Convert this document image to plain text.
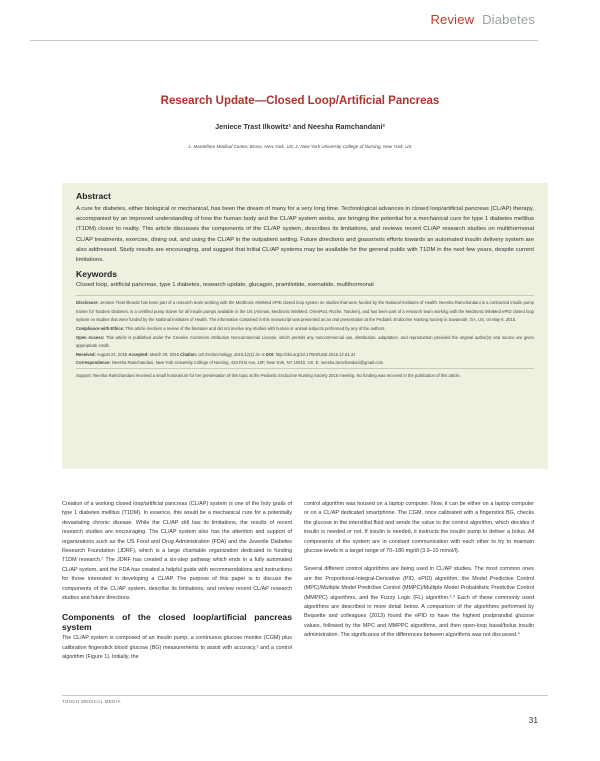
Review Diabetes
Research Update—Closed Loop/Artificial Pancreas
Jeniece Trast Ilkowitz¹ and Neesha Ramchandani²
1. Montefiore Medical Center, Bronx, New York, US; 2. New York University College of Nursing, New York, US
Abstract
A cure for diabetes, either biological or mechanical, has been the dream of many for a very long time. Technological advances in closed loop/artificial pancreas (CL/AP) therapy, accompanied by an improved understanding of how the human body and the CL/AP system works, are bringing the potential for a mechanical cure for type 1 diabetes mellitus (T1DM) closer to reality. This article discusses the components of the CL/AP system, describes its limitations, and reviews recent CL/AP research studies on multihormonal CL/AP treatments, exercise, dining out, and using the CL/AP in the outpatient setting. Future directions and grassroots efforts towards an automated insulin delivery system are also addressed. Study results are encouraging, and suggest that initial CL/AP systems may be available for the general public with T1DM in the next few years, despite current limitations.
Keywords
Closed loop, artificial pancreas, type 1 diabetes, research update, glucagon, pramlintide, exenatide, multihormonal

Disclosure: Jeniece Trast Ilkowitz has been part of a research team working with the Medtronic MiniMed ePID closed loop system on studies that were funded by the National Institutes of Health. Neesha Ramchandani is a contracted insulin pump trainer for Tandem Diabetes, is a certified pump trainer for all insulin pumps available in the US (Animas, Medtronic MiniMed, OmniPod, Roche, Tandem), and has been part of a research team working with the Medtronic MiniMed ePID closed loop system on studies that were funded by the National Institutes of Health. The information contained in this manuscript was presented as an oral presentation at the Pediatric Endocrine Nursing Society in Savannah, GA, US, on May 6, 2015.

Compliance with Ethics: This article involves a review of the literature and did not involve any studies with human or animal subjects performed by any of the authors.

Open Access: This article is published under the Creative Commons Attribution Noncommercial License, which permits any noncommercial use, distribution, adaptation, and reproduction provided the original author(s) and source are given appropriate credit.

Received: August 24, 2015 Accepted: March 29, 2016 Citation: US Endocrinology, 2016;12(1):31–6 DOI: http://doi.org/10.17925/USE.2016.12.01.31

Correspondence: Neesha Ramchandani, New York University College of Nursing, 433 First Ave, 10F, New York, NY 10010, US. E: neesha.ramchandani@gmail.com

Support: Neesha Ramchandani received a small honorarium for her presentation of this topic at the Pediatric Endocrine Nursing Society 2015 meeting. No funding was received in the publication of this article.

Creation of a working closed loop/artificial pancreas (CL/AP) system is one of the holy grails of type 1 diabetes mellitus (T1DM). In essence, this would be a mechanical cure for a potentially devastating chronic disease. While the CL/AP still has its limitations, the results of recent research studies are encouraging. The CL/AP system also has the attention and support of organizations such as the US Food and Drug Administration (FDA) and the Juvenile Diabetes Research Foundation (JDRF), which is a large charitable organization dedicated to funding T1DM research.¹ The JDRF has created a six-step pathway which ends in a fully automated CL/AP system, and the FDA has created a helpful guide with recommendations and instructions for those interested in developing a CL/AP. The purpose of this paper is to discuss the components of the CL/AP system, describe its limitations, and review recent CL/AP research studies and future directions.

Components of the closed loop/artificial pancreas system

The CL/AP system is composed of an insulin pump, a continuous glucose monitor (CGM) plus calibration fingerstick blood glucose (BG) measurements to assist with accuracy,² and a control algorithm (Figure 1). Initially, the

control algorithm was housed on a laptop computer. Now, it can be either on a laptop computer or on a CL/AP dedicated smartphone. The CGM, once calibrated with a fingerstick BG, checks the glucose in the interstitial fluid and sends the value to the control algorithm, which decides if insulin is needed or not. If insulin is needed, it instructs the insulin pump to deliver a bolus. All components of the system are in constant communication with each other to try to maintain glucose levels in a target range of 70–180 mg/dl (3.9–10 mmol/l).

Several different control algorithms are being used in CL/AP studies. The most common ones are the Proportional-Integral-Derivative (PID, ePID) algorithm, the Model Predictive Control (MPC)/Multiple Model Predictive Control (MMPC)/Multiple Model Probabilistic Predictive Control (MMPPC) algorithms, and the Fuzzy Logic (FL) algorithm.²˒³ Each of these commonly used algorithms are described in more detail below. A comparison of the algorithms performed by Bequette and colleagues (2013) found the ePID to have the highest postprandial glucose values, followed by the MPC and MMPPC algorithms, and then open-loop basal/bolus insulin administration. The significance of the differences between algorithms was not discussed.⁴

TOUCH MEDICAL MEDIA
31
